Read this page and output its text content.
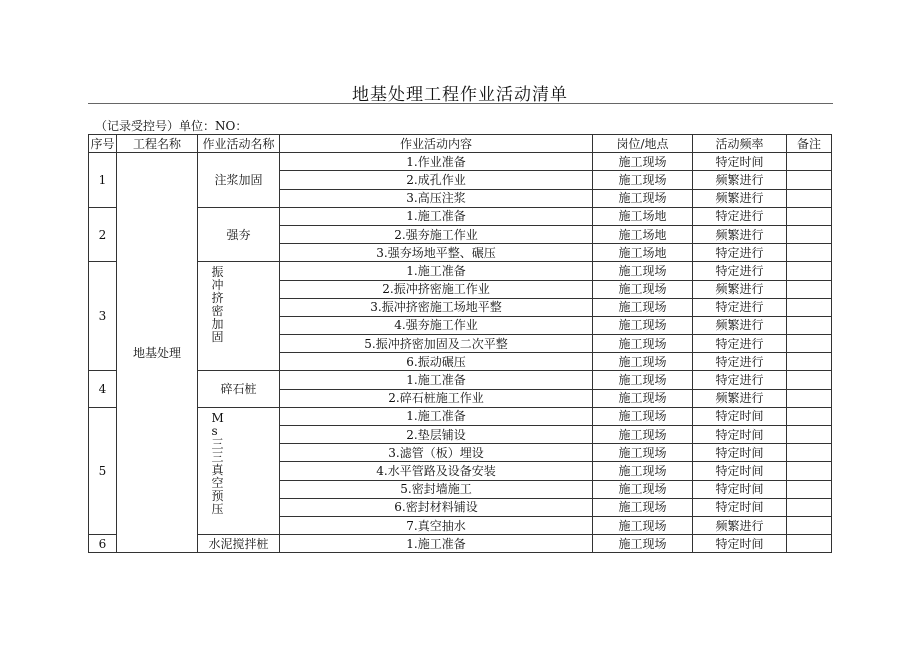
地基处理工程作业活动清单
（记录受控号）单位：NO：
序号	工程名称	作业活动名称	作业活动内容	岗位/地点	活动频率	备注
1	地基处理	注浆加固	1.作业准备	施工现场	特定时间	
			2.成孔作业	施工现场	频繁进行	
			3.高压注浆	施工现场	频繁进行	
2		强夯	1.施工准备	施工场地	特定进行	
			2.强夯施工作业	施工场地	频繁进行	
			3.强夯场地平整、碾压	施工场地	特定进行	
3		振冲挤密加固	1.施工准备	施工现场	特定进行	
			2.振冲挤密施工作业	施工现场	频繁进行	
			3.振冲挤密施工场地平整	施工现场	特定进行	
			4.强夯施工作业	施工现场	频繁进行	
			5.振冲挤密加固及二次平整	施工现场	特定进行	
			6.振动碾压	施工现场	特定进行	
4		碎石桩	1.施工准备	施工现场	特定进行	
			2.碎石桩施工作业	施工现场	频繁进行	
5		Ms 三三真空预压	1.施工准备	施工现场	特定时间	
			2.垫层铺设	施工现场	特定时间	
			3.滤管（板）埋设	施工现场	特定时间	
			4.水平管路及设备安装	施工现场	特定时间	
			5.密封墙施工	施工现场	特定时间	
			6.密封材料铺设	施工现场	特定时间	
			7.真空抽水	施工现场	频繁进行	
6		水泥搅拌桩	1.施工准备	施工现场	特定时间	
